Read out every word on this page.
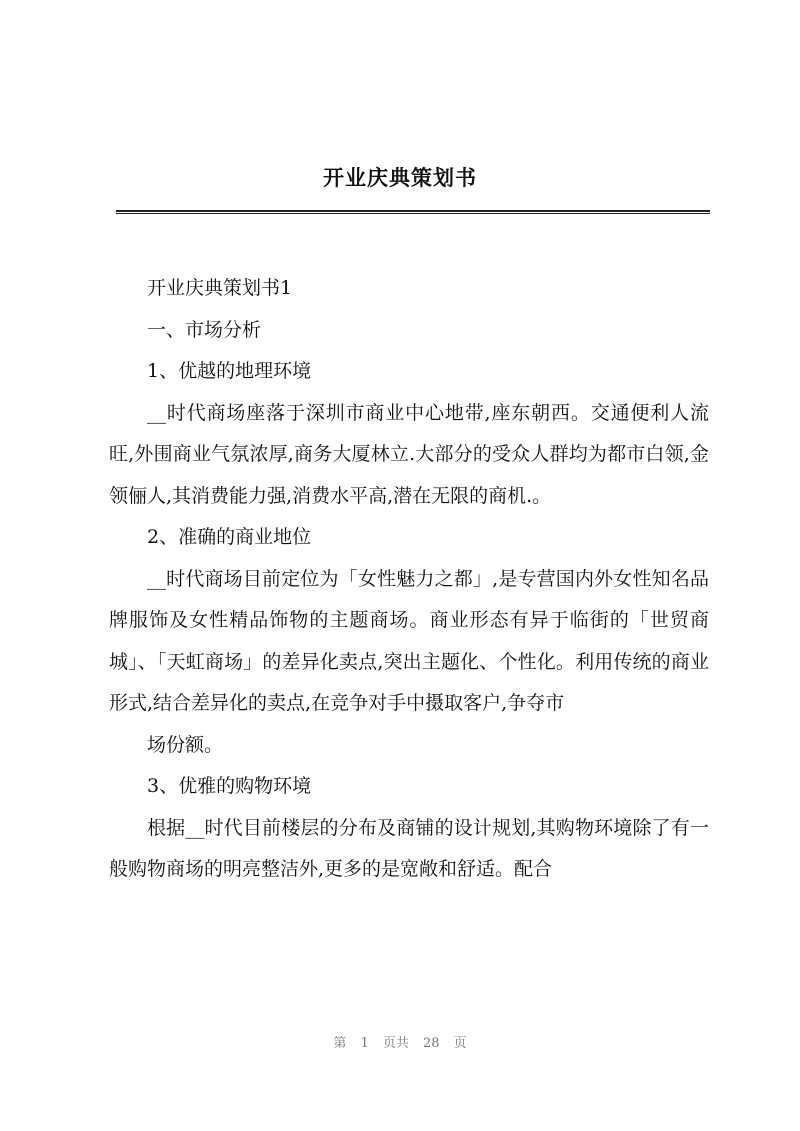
开业庆典策划书

开业庆典策划书1

一、市场分析

1、优越的地理环境

__时代商场座落于深圳市商业中心地带,座东朝西。交通便利人流旺,外围商业气氛浓厚,商务大厦林立.大部分的受众人群均为都市白领,金领俪人,其消费能力强,消费水平高,潜在无限的商机.。

2、准确的商业地位

__时代商场目前定位为「女性魅力之都」,是专营国内外女性知名品牌服饰及女性精品饰物的主题商场。商业形态有异于临街的「世贸商城」、「天虹商场」的差异化卖点,突出主题化、个性化。利用传统的商业形式,结合差异化的卖点,在竞争对手中摄取客户,争夺市

场份额。

3、优雅的购物环境

根据__时代目前楼层的分布及商铺的设计规划,其购物环境除了有一般购物商场的明亮整洁外,更多的是宽敞和舒适。配合

第 1 页共 28 页
